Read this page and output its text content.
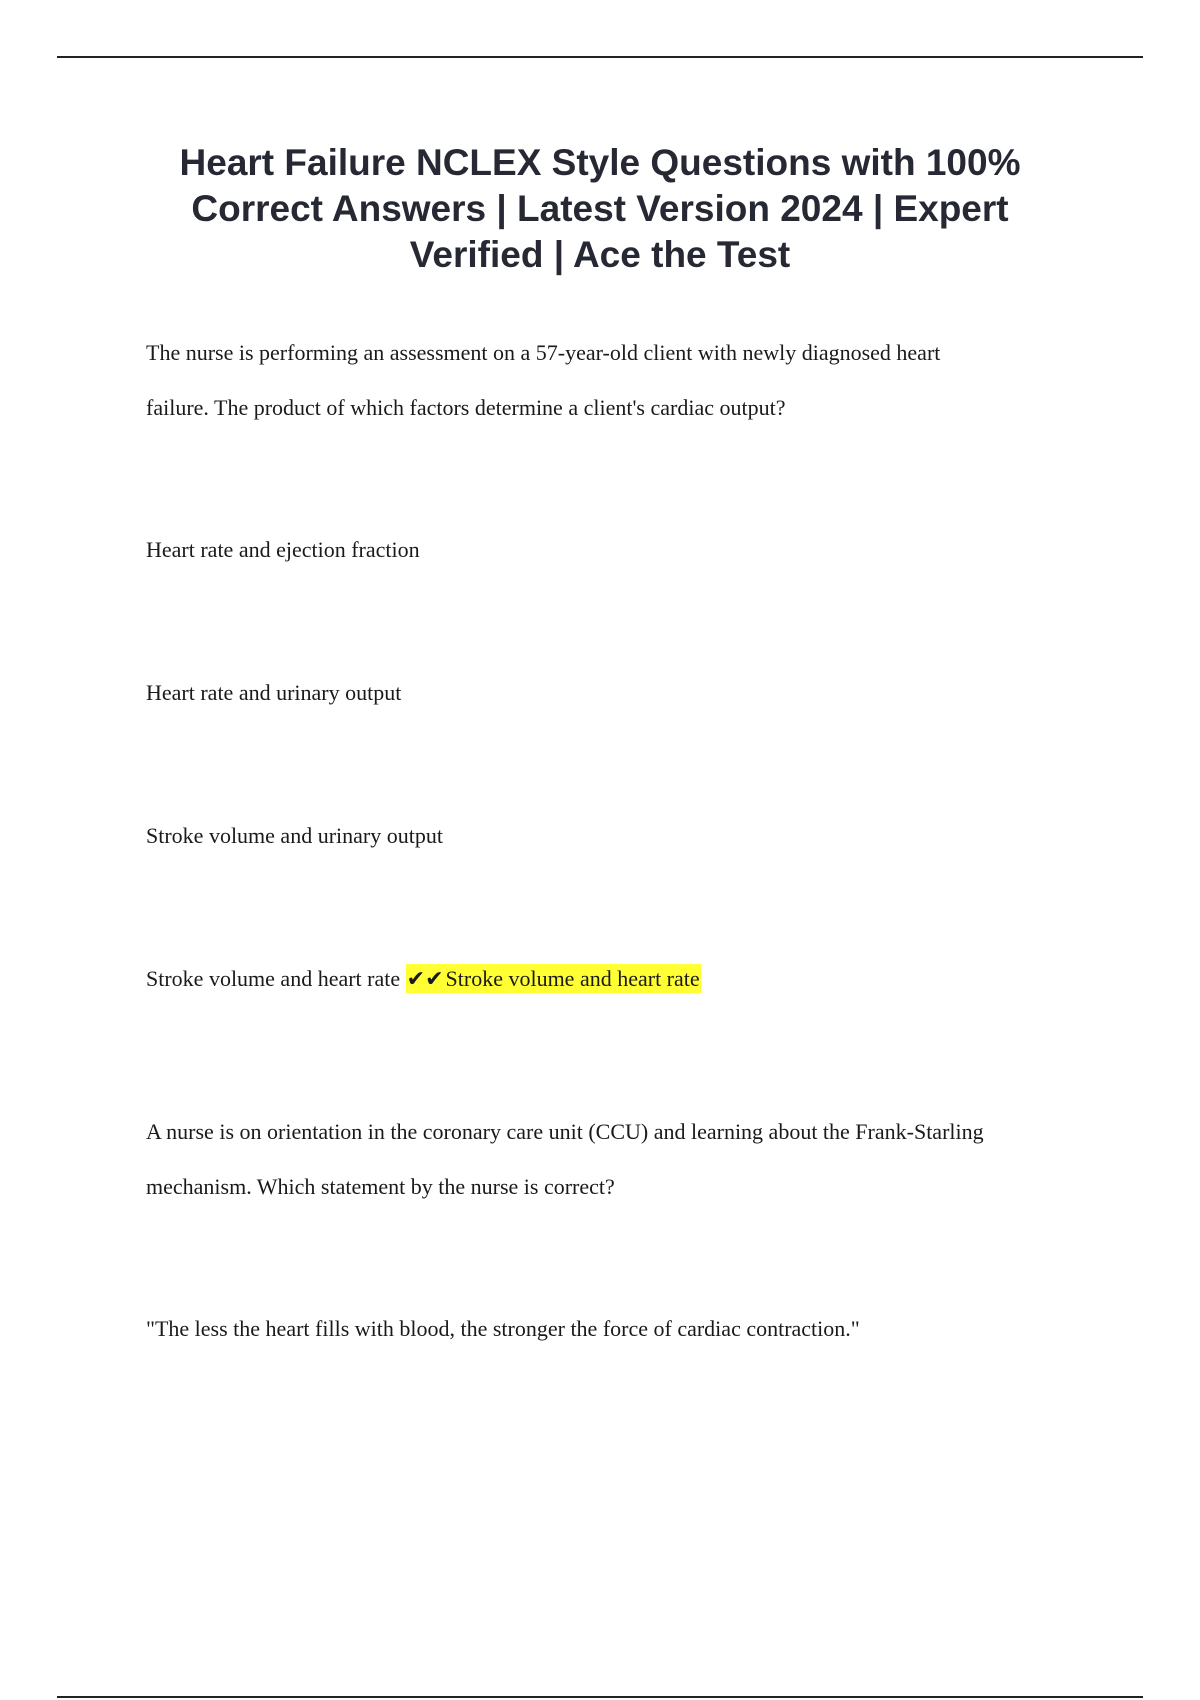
Heart Failure NCLEX Style Questions with 100%
Correct Answers | Latest Version 2024 | Expert
Verified | Ace the Test
The nurse is performing an assessment on a 57-year-old client with newly diagnosed heart
failure. The product of which factors determine a client's cardiac output?
Heart rate and ejection fraction
Heart rate and urinary output
Stroke volume and urinary output
Stroke volume and heart rate ✔✔Stroke volume and heart rate
A nurse is on orientation in the coronary care unit (CCU) and learning about the Frank-Starling
mechanism. Which statement by the nurse is correct?
"The less the heart fills with blood, the stronger the force of cardiac contraction."
